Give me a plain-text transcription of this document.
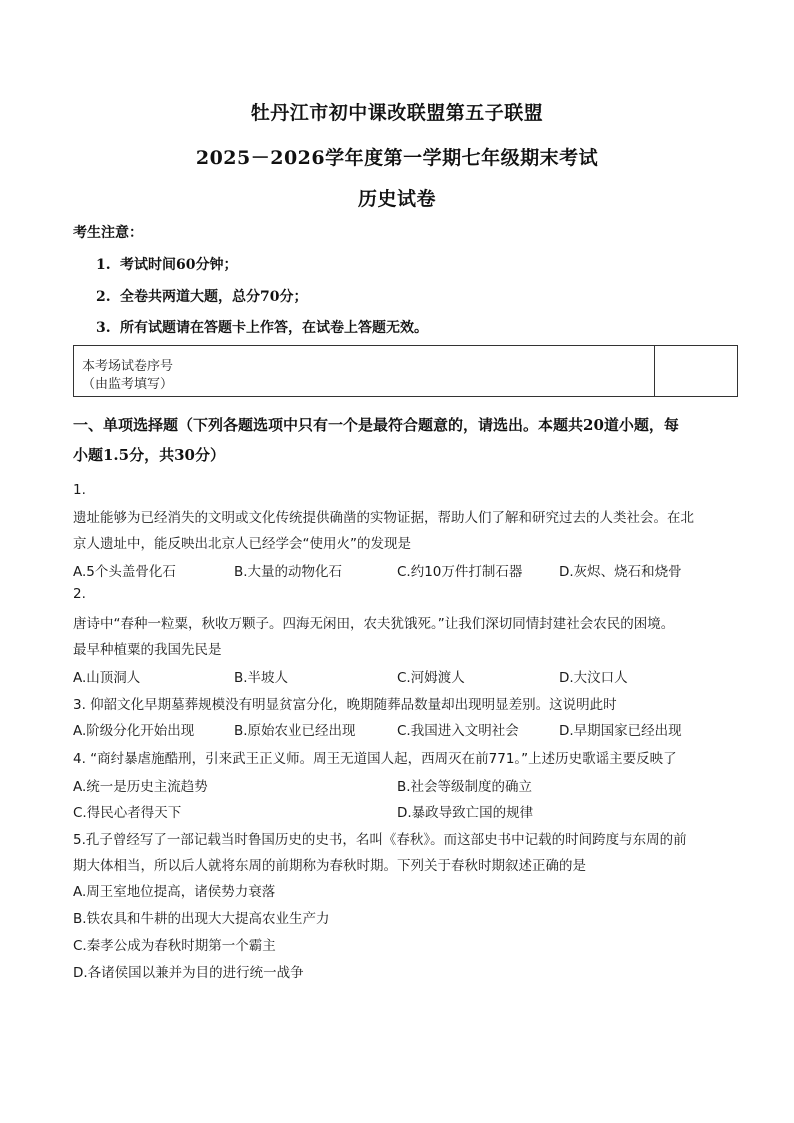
牡丹江市初中课改联盟第五子联盟
2025－2026学年度第一学期七年级期末考试
历史试卷
考生注意：
1. 考试时间60分钟；
2. 全卷共两道大题，总分70分；
3. 所有试题请在答题卡上作答，在试卷上答题无效。
本考场试卷序号
（由监考填写）
一、单项选择题（下列各题选项中只有一个是最符合题意的，请选出。本题共20道小题，每
小题1.5分，共30分）
1.
遗址能够为已经消失的文明或文化传统提供确凿的实物证据，帮助人们了解和研究过去的人类社会。在北
京人遗址中，能反映出北京人已经学会“使用火”的发现是
A.5个头盖骨化石	B.大量的动物化石	C.约10万件打制石器	D.灰烬、烧石和烧骨
2.
唐诗中“春种一粒粟，秋收万颗子。四海无闲田，农夫犹饿死。”让我们深切同情封建社会农民的困境。
最早种植粟的我国先民是
A.山顶洞人	B.半坡人	C.河姆渡人	D.大汶口人
3. 仰韶文化早期墓葬规模没有明显贫富分化，晚期随葬品数量却出现明显差别。这说明此时
A.阶级分化开始出现	B.原始农业已经出现	C.我国进入文明社会	D.早期国家已经出现
4. “商纣暴虐施酷刑，引来武王正义师。周王无道国人起，西周灭在前771。”上述历史歌谣主要反映了
A.统一是历史主流趋势	B.社会等级制度的确立
C.得民心者得天下	D.暴政导致亡国的规律
5.孔子曾经写了一部记载当时鲁国历史的史书，名叫《春秋》。而这部史书中记载的时间跨度与东周的前
期大体相当，所以后人就将东周的前期称为春秋时期。下列关于春秋时期叙述正确的是
A.周王室地位提高，诸侯势力衰落
B.铁农具和牛耕的出现大大提高农业生产力
C.秦孝公成为春秋时期第一个霸主
D.各诸侯国以兼并为目的进行统一战争
